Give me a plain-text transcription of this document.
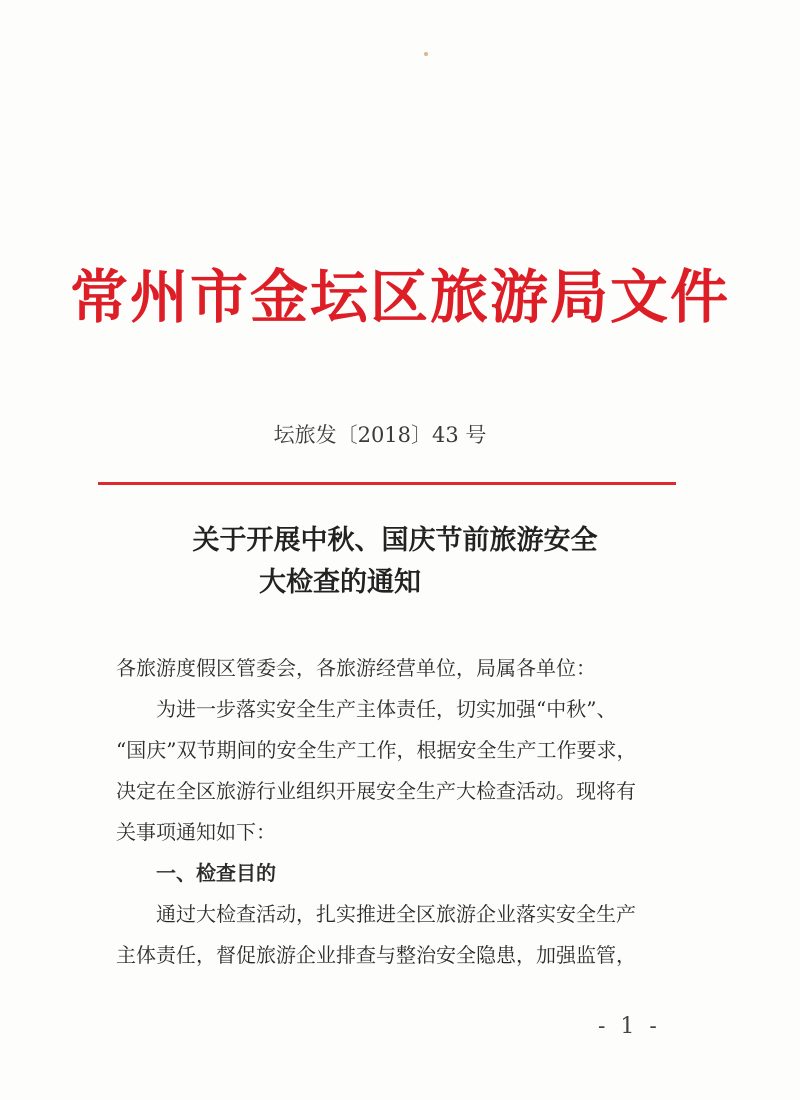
常州市金坛区旅游局文件
坛旅发〔2018〕43 号
关于开展中秋、国庆节前旅游安全
大检查的通知

各旅游度假区管委会，各旅游经营单位，局属各单位：

为进一步落实安全生产主体责任，切实加强“中秋”、

“国庆”双节期间的安全生产工作，根据安全生产工作要求，

决定在全区旅游行业组织开展安全生产大检查活动。现将有

关事项通知如下：

一、检查目的

通过大检查活动，扎实推进全区旅游企业落实安全生产

主体责任，督促旅游企业排查与整治安全隐患，加强监管，

- 1 -
